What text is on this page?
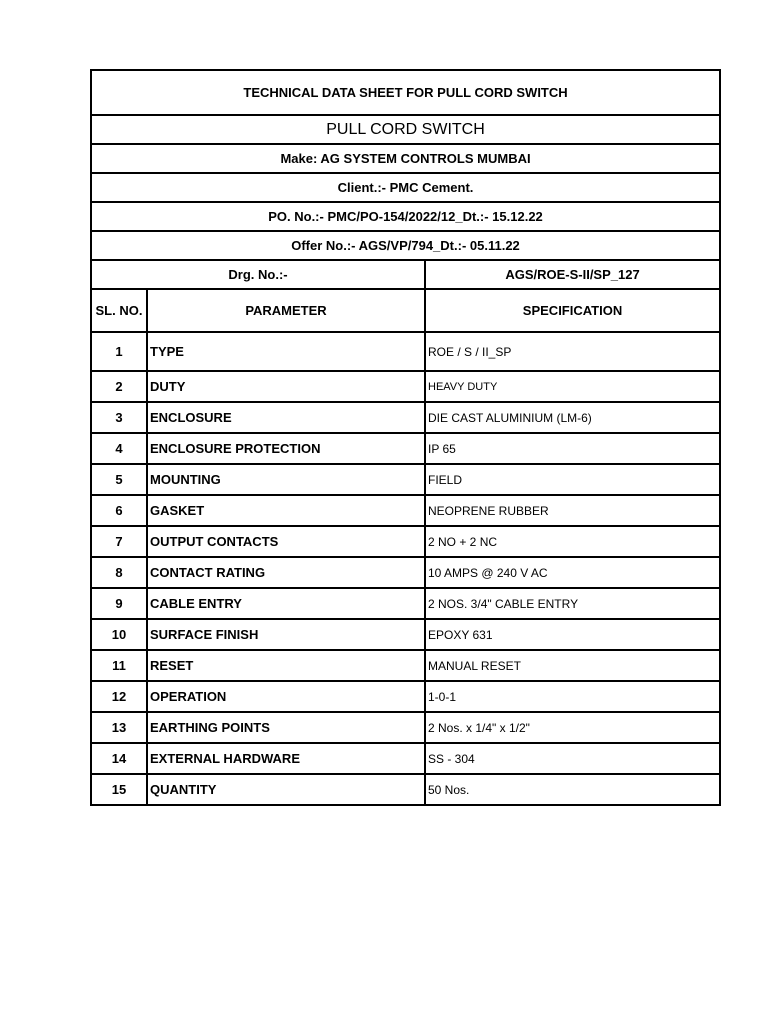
TECHNICAL DATA SHEET FOR PULL CORD SWITCH		
PULL CORD SWITCH		
Make: AG SYSTEM CONTROLS MUMBAI		
Client.:- PMC Cement.		
PO. No.:- PMC/PO-154/2022/12_Dt.:- 15.12.22		
Offer No.:- AGS/VP/794_Dt.:- 05.11.22		
Drg. No.:-		AGS/ROE-S-II/SP_127
SL. NO.	PARAMETER	SPECIFICATION
1	TYPE	ROE / S / II_SP
2	DUTY	HEAVY DUTY
3	ENCLOSURE	DIE CAST ALUMINIUM (LM-6)
4	ENCLOSURE PROTECTION	IP 65
5	MOUNTING	FIELD
6	GASKET	NEOPRENE RUBBER
7	OUTPUT CONTACTS	2 NO + 2 NC
8	CONTACT RATING	10 AMPS @ 240 V AC
9	CABLE ENTRY	2 NOS. 3/4" CABLE ENTRY
10	SURFACE FINISH	EPOXY 631
11	RESET	MANUAL RESET
12	OPERATION	1-0-1
13	EARTHING POINTS	2 Nos. x 1/4" x 1/2"
14	EXTERNAL HARDWARE	SS - 304
15	QUANTITY	50 Nos.
